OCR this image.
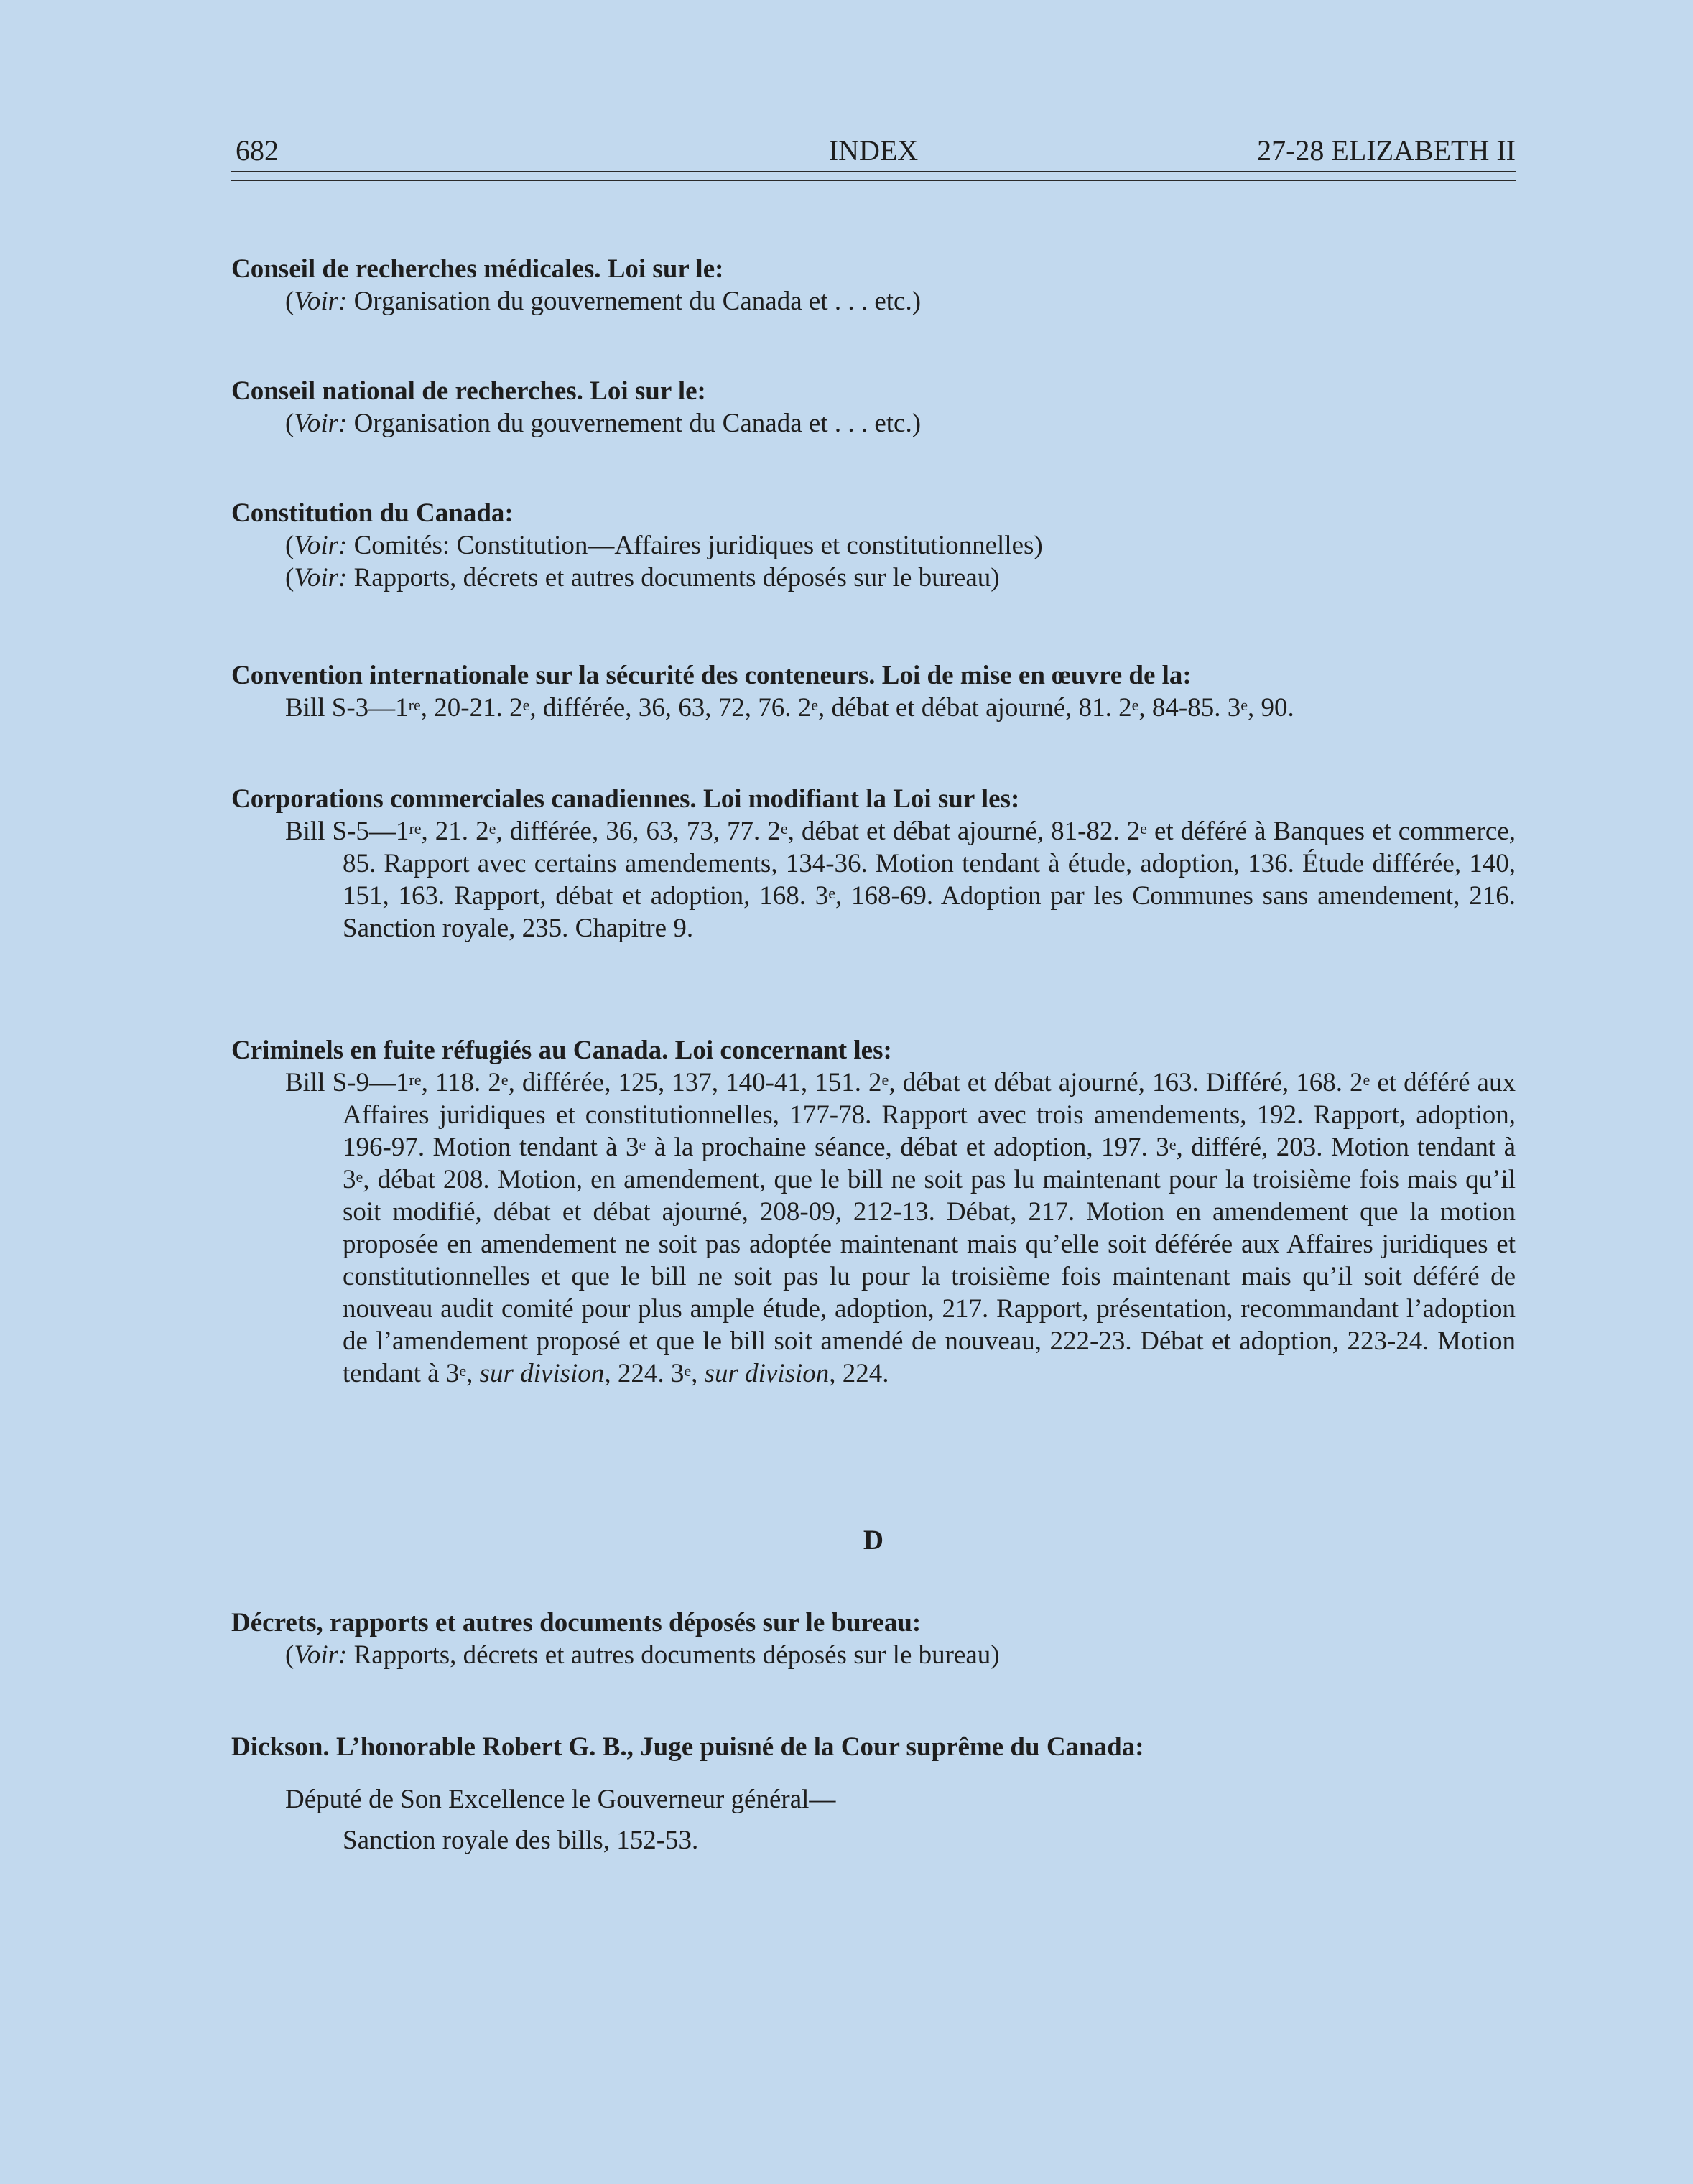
682	INDEX	27-28 ELIZABETH II
Conseil de recherches médicales. Loi sur le:
(Voir: Organisation du gouvernement du Canada et . . . etc.)
Conseil national de recherches. Loi sur le:
(Voir: Organisation du gouvernement du Canada et . . . etc.)
Constitution du Canada:
(Voir: Comités: Constitution—Affaires juridiques et constitutionnelles)
(Voir: Rapports, décrets et autres documents déposés sur le bureau)
Convention internationale sur la sécurité des conteneurs. Loi de mise en œuvre de la:
Bill S-3—1re, 20-21. 2e, différée, 36, 63, 72, 76. 2e, débat et débat ajourné, 81. 2e, 84-85. 3e, 90.
Corporations commerciales canadiennes. Loi modifiant la Loi sur les:
Bill S-5—1re, 21. 2e, différée, 36, 63, 73, 77. 2e, débat et débat ajourné, 81-82. 2e et déféré à Banques et commerce, 85. Rapport avec certains amendements, 134-36. Motion tendant à étude, adoption, 136. Étude différée, 140, 151, 163. Rapport, débat et adoption, 168. 3e, 168-69. Adoption par les Communes sans amendement, 216. Sanction royale, 235. Chapitre 9.
Criminels en fuite réfugiés au Canada. Loi concernant les:
Bill S-9—1re, 118. 2e, différée, 125, 137, 140-41, 151. 2e, débat et débat ajourné, 163. Différé, 168. 2e et déféré aux Affaires juridiques et constitutionnelles, 177-78. Rapport avec trois amendements, 192. Rapport, adoption, 196-97. Motion tendant à 3e à la prochaine séance, débat et adoption, 197. 3e, différé, 203. Motion tendant à 3e, débat 208. Motion, en amendement, que le bill ne soit pas lu maintenant pour la troisième fois mais qu’il soit modifié, débat et débat ajourné, 208-09, 212-13. Débat, 217. Motion en amendement que la motion proposée en amendement ne soit pas adoptée maintenant mais qu’elle soit déférée aux Affaires juridiques et constitutionnelles et que le bill ne soit pas lu pour la troisième fois maintenant mais qu’il soit déféré de nouveau audit comité pour plus ample étude, adoption, 217. Rapport, présentation, recommandant l’adoption de l’amendement proposé et que le bill soit amendé de nouveau, 222-23. Débat et adoption, 223-24. Motion tendant à 3e, sur division, 224. 3e, sur division, 224.
D
Décrets, rapports et autres documents déposés sur le bureau:
(Voir: Rapports, décrets et autres documents déposés sur le bureau)
Dickson. L’honorable Robert G. B., Juge puisné de la Cour suprême du Canada:
Député de Son Excellence le Gouverneur général—
Sanction royale des bills, 152-53.
